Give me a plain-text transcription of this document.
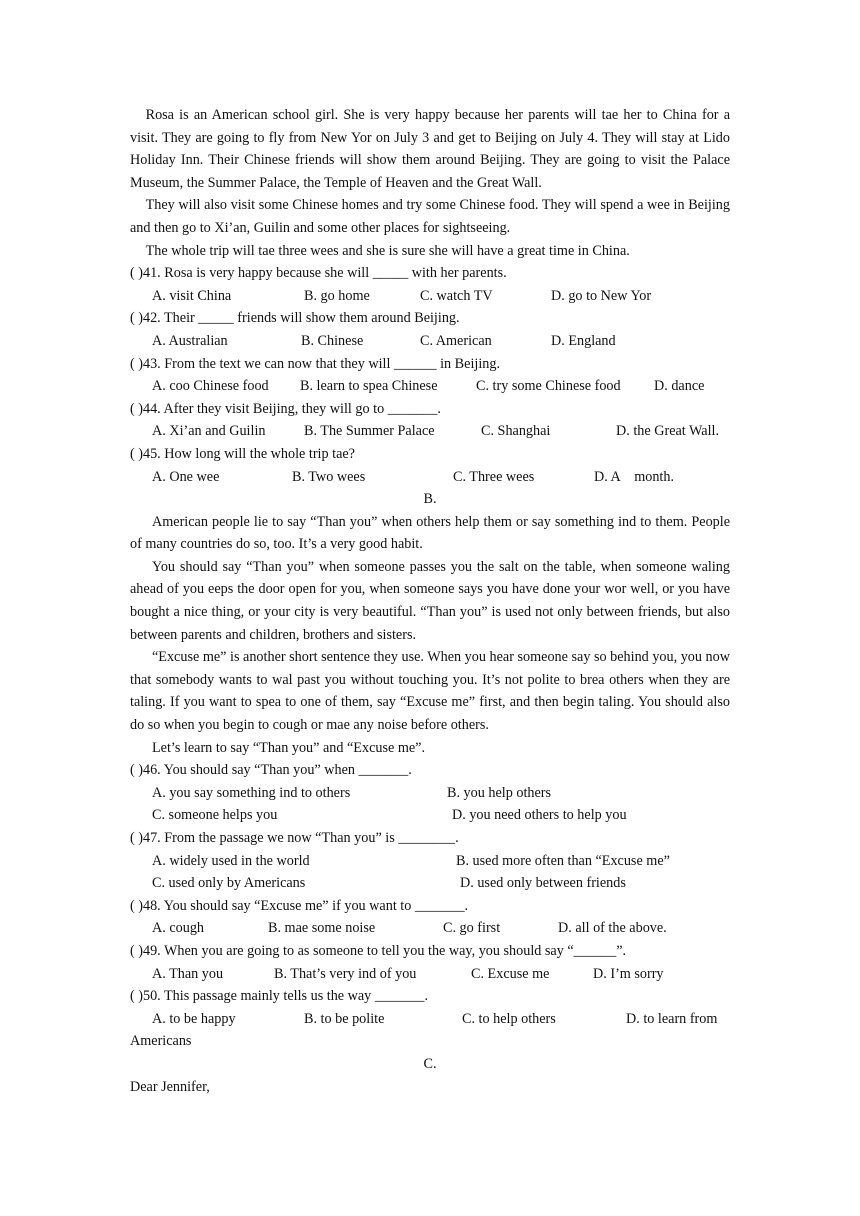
Rosa is an American school girl. She is very happy because her parents will tae her to China for a visit. They are going to fly from New Yor on July 3 and get to Beijing on July 4. They will stay at Lido Holiday Inn. Their Chinese friends will show them around Beijing. They are going to visit the Palace Museum, the Summer Palace, the Temple of Heaven and the Great Wall.

They will also visit some Chinese homes and try some Chinese food. They will spend a wee in Beijing and then go to Xi’an, Guilin and some other places for sightseeing.

The whole trip will tae three wees and she is sure she will have a great time in China.

( )41. Rosa is very happy because she will _____ with her parents.

A. visit China	B. go home	C. watch TV	D. go to New Yor

( )42. Their _____ friends will show them around Beijing.

A. Australian	B. Chinese	C. American	D. England

( )43. From the text we can now that they will ______ in Beijing.

A. coo Chinese food B. learn to spea Chinese	C. try some Chinese food D. dance

( )44. After they visit Beijing, they will go to _______.

A. Xi’an and Guilin	B. The Summer Palace	C. Shanghai	D. the Great Wall.

( )45. How long will the whole trip tae?

A. One wee	B. Two wees	C. Three wees	D. A    month.

B.

American people lie to say “Than you” when others help them or say something ind to them. People of many countries do so, too. It’s a very good habit.

You should say “Than you” when someone passes you the salt on the table, when someone waling ahead of you eeps the door open for you, when someone says you have done your wor well, or you have bought a nice thing, or your city is very beautiful. “Than you” is used not only between friends, but also between parents and children, brothers and sisters.

“Excuse me” is another short sentence they use. When you hear someone say so behind you, you now that somebody wants to wal past you without touching you. It’s not polite to brea others when they are taling. If you want to spea to one of them, say “Excuse me” first, and then begin taling. You should also do so when you begin to cough or mae any noise before others.

Let’s learn to say “Than you” and “Excuse me”.

( )46. You should say “Than you” when _______.

A. you say something ind to others	B. you help others
C. someone helps you	D. you need others to help you

( )47. From the passage we now “Than you” is ________.

A. widely used in the world	B. used more often than “Excuse me”
C. used only by Americans	D. used only between friends

( )48. You should say “Excuse me” if you want to _______.

A. cough	B. mae some noise	C. go first	D. all of the above.

( )49. When you are going to as someone to tell you the way, you should say “______”.

A. Than you	B. That’s very ind of you	C. Excuse me	D. I’m sorry

( )50. This passage mainly tells us the way _______.

A. to be happy	B. to be polite	C. to help others	D. to learn from

Americans

C.

Dear Jennifer,
